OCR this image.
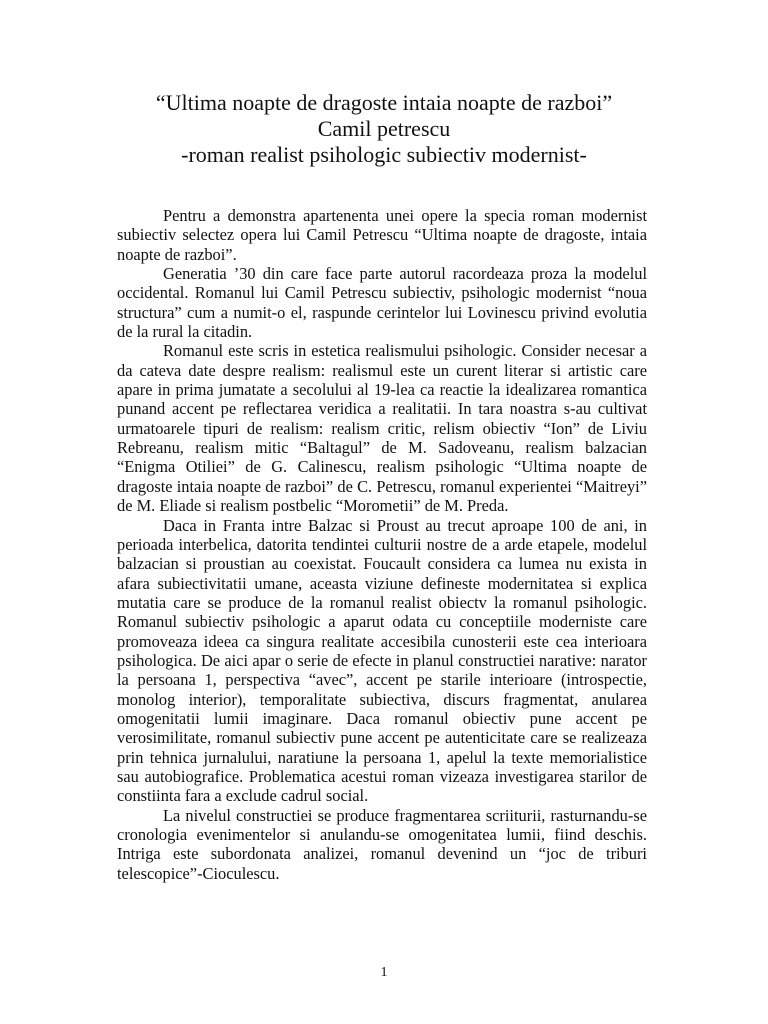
“Ultima noapte de dragoste intaia noapte de razboi”
Camil petrescu
-roman realist psihologic subiectiv modernist-

Pentru a demonstra apartenenta unei opere la specia roman modernist subiectiv selectez opera lui Camil Petrescu “Ultima noapte de dragoste, intaia noapte de razboi”.

Generatia ’30 din care face parte autorul racordeaza proza la modelul occidental. Romanul lui Camil Petrescu subiectiv, psihologic modernist “noua structura” cum a numit-o el, raspunde cerintelor lui Lovinescu privind evolutia de la rural la citadin.

Romanul este scris in estetica realismului psihologic. Consider necesar a da cateva date despre realism: realismul este un curent literar si artistic care apare in prima jumatate a secolului al 19-lea ca reactie la idealizarea romantica punand accent pe reflectarea veridica a realitatii. In tara noastra s-au cultivat urmatoarele tipuri de realism: realism critic, relism obiectiv “Ion” de Liviu Rebreanu, realism mitic “Baltagul” de M. Sadoveanu, realism balzacian “Enigma Otiliei” de G. Calinescu, realism psihologic “Ultima noapte de dragoste intaia noapte de razboi” de C. Petrescu, romanul experientei “Maitreyi” de M. Eliade si realism postbelic “Morometii” de M. Preda.

Daca in Franta intre Balzac si Proust au trecut aproape 100 de ani, in perioada interbelica, datorita tendintei culturii nostre de a arde etapele, modelul balzacian si proustian au coexistat. Foucault considera ca lumea nu exista in afara subiectivitatii umane, aceasta viziune defineste modernitatea si explica mutatia care se produce de la romanul realist obiectv la romanul psihologic. Romanul subiectiv psihologic a aparut odata cu conceptiile moderniste care promoveaza ideea ca singura realitate accesibila cunosterii este cea interioara psihologica. De aici apar o serie de efecte in planul constructiei narative: narator la persoana 1, perspectiva “avec”, accent pe starile interioare (introspectie, monolog interior), temporalitate subiectiva, discurs fragmentat, anularea omogenitatii lumii imaginare. Daca romanul obiectiv pune accent pe verosimilitate, romanul subiectiv pune accent pe autenticitate care se realizeaza prin tehnica jurnalului, naratiune la persoana 1, apelul la texte memorialistice sau autobiografice. Problematica acestui roman vizeaza investigarea starilor de constiinta fara a exclude cadrul social.

La nivelul constructiei se produce fragmentarea scriiturii, rasturnandu-se cronologia evenimentelor si anulandu-se omogenitatea lumii, fiind deschis. Intriga este subordonata analizei, romanul devenind un “joc de triburi telescopice”-Cioculescu.

1
